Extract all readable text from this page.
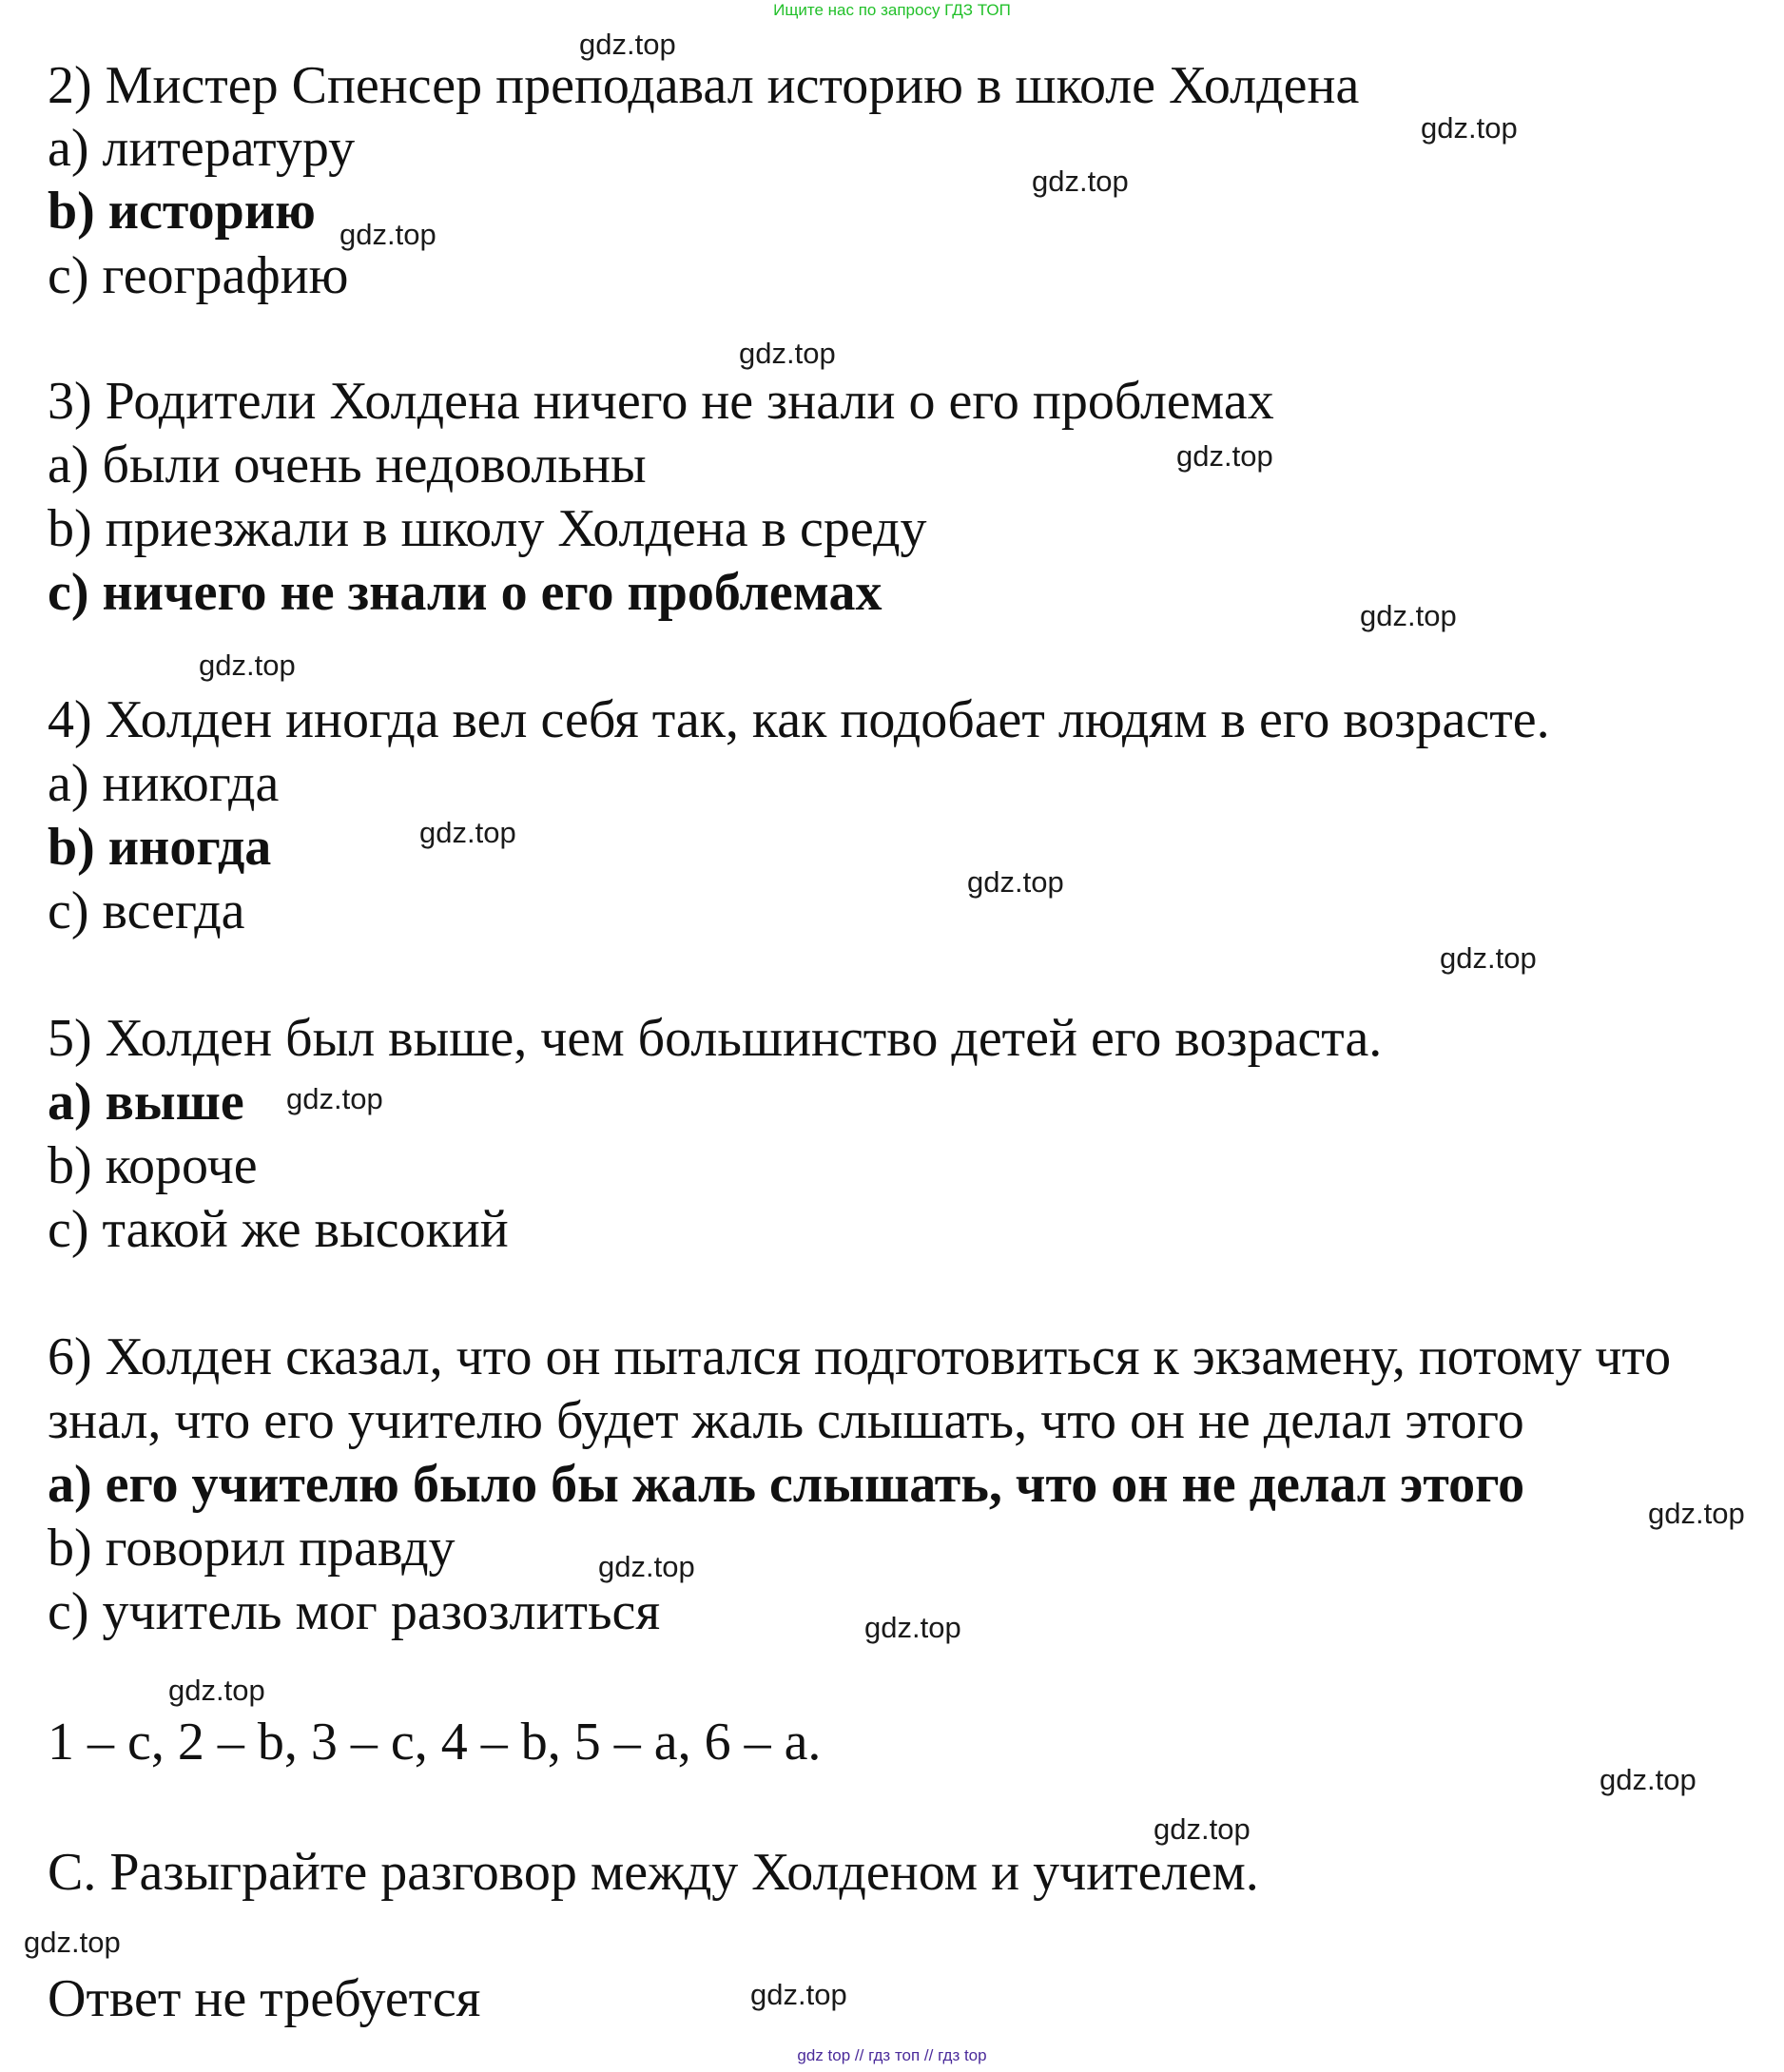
Ищите нас по запросу ГДЗ ТОП
2) Мистер Спенсер преподавал историю в школе Холдена
a) литературу
b) историю
c) географию
3) Родители Холдена ничего не знали о его проблемах
a) были очень недовольны
b) приезжали в школу Холдена в среду
c) ничего не знали о его проблемах
4) Холден иногда вел себя так, как подобает людям в его возрасте.
a) никогда
b) иногда
c) всегда
5) Холден был выше, чем большинство детей его возраста.
a) выше
b) короче
c) такой же высокий
6) Холден сказал, что он пытался подготовиться к экзамену, потому что
знал, что его учителю будет жаль слышать, что он не делал этого
a) его учителю было бы жаль слышать, что он не делал этого
b) говорил правду
c) учитель мог разозлиться
1 – c, 2 – b, 3 – c, 4 – b, 5 – a, 6 – a.
C. Разыграйте разговор между Холденом и учителем.
Ответ не требуется
gdz.top
gdz.top
gdz.top
gdz.top
gdz.top
gdz.top
gdz.top
gdz.top
gdz.top
gdz.top
gdz.top
gdz.top
gdz.top
gdz.top
gdz.top
gdz.top
gdz.top
gdz.top
gdz.top
gdz.top
gdz top // гдз топ // гдз top
